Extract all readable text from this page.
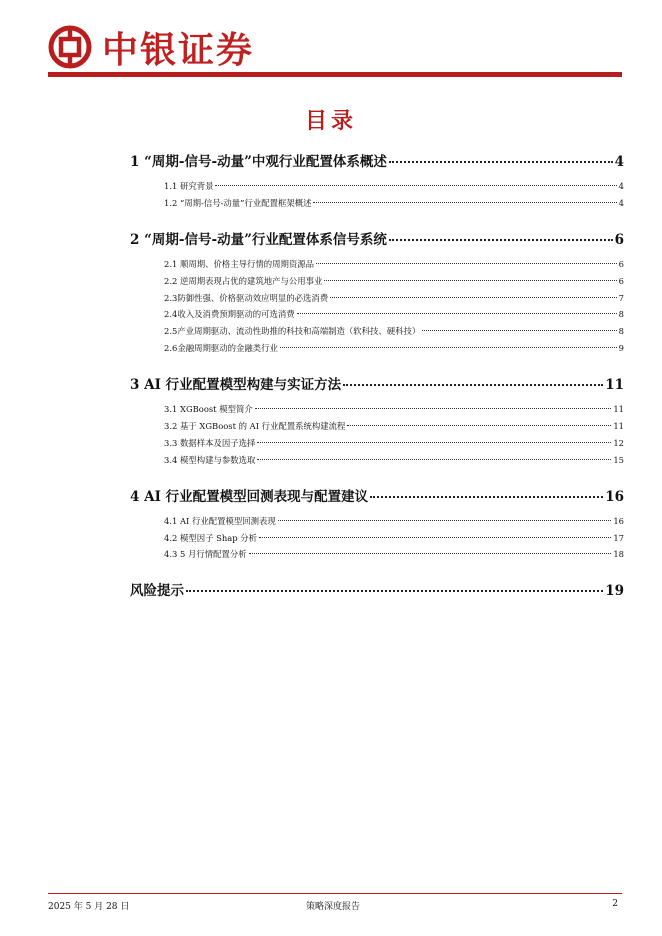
中银证券
目录
1 “周期-信号-动量”中观行业配置体系概述	4
1.1 研究背景	4
1.2 “周期-信号-动量”行业配置框架概述	4
2 “周期-信号-动量”行业配置体系信号系统	6
2.1 顺周期、价格主导行情的周期资源品	6
2.2 逆周期表现占优的建筑地产与公用事业	6
2.3防御性强、价格驱动效应明显的必选消费	7
2.4收入及消费预期驱动的可选消费	8
2.5产业周期驱动、流动性助推的科技和高端制造（软科技、硬科技）	8
2.6金融周期驱动的金融类行业	9
3 AI 行业配置模型构建与实证方法	11
3.1 XGBoost 模型简介	11
3.2 基于 XGBoost 的 AI 行业配置系统构建流程	11
3.3 数据样本及因子选择	12
3.4 模型构建与参数选取	15
4 AI 行业配置模型回测表现与配置建议	16
4.1 AI 行业配置模型回测表现	16
4.2 模型因子 Shap 分析	17
4.3 5 月行情配置分析	18
风险提示	19
2025 年 5 月 28 日	策略深度报告	2
